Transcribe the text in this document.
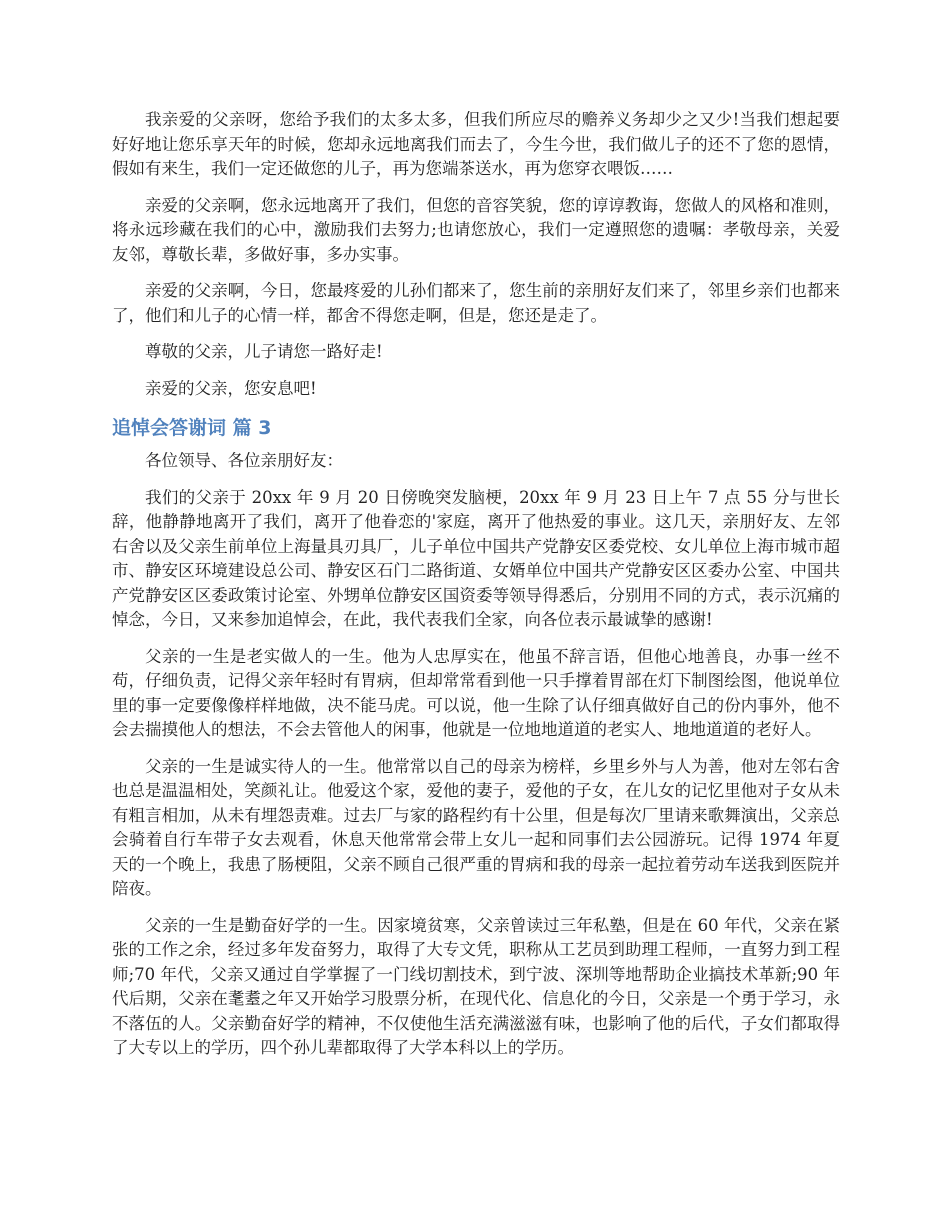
我亲爱的父亲呀，您给予我们的太多太多，但我们所应尽的赡养义务却少之又少!当我们想起要好好地让您乐享天年的时候，您却永远地离我们而去了，今生今世，我们做儿子的还不了您的恩情，假如有来生，我们一定还做您的儿子，再为您端茶送水，再为您穿衣喂饭……

亲爱的父亲啊，您永远地离开了我们，但您的音容笑貌，您的谆谆教诲，您做人的风格和准则，将永远珍藏在我们的心中，激励我们去努力;也请您放心，我们一定遵照您的遗嘱：孝敬母亲，关爱友邻，尊敬长辈，多做好事，多办实事。

亲爱的父亲啊，今日，您最疼爱的儿孙们都来了，您生前的亲朋好友们来了，邻里乡亲们也都来了，他们和儿子的心情一样，都舍不得您走啊，但是，您还是走了。

尊敬的父亲，儿子请您一路好走!

亲爱的父亲，您安息吧!

追悼会答谢词 篇 3

各位领导、各位亲朋好友：

我们的父亲于 20xx 年 9 月 20 日傍晚突发脑梗，20xx 年 9 月 23 日上午 7 点 55 分与世长辞，他静静地离开了我们，离开了他眷恋的'家庭，离开了他热爱的事业。这几天，亲朋好友、左邻右舍以及父亲生前单位上海量具刃具厂，儿子单位中国共产党静安区委党校、女儿单位上海市城市超市、静安区环境建设总公司、静安区石门二路街道、女婿单位中国共产党静安区区委办公室、中国共产党静安区区委政策讨论室、外甥单位静安区国资委等领导得悉后，分别用不同的方式，表示沉痛的悼念，今日，又来参加追悼会，在此，我代表我们全家，向各位表示最诚挚的感谢!

父亲的一生是老实做人的一生。他为人忠厚实在，他虽不辞言语，但他心地善良，办事一丝不苟，仔细负责，记得父亲年轻时有胃病，但却常常看到他一只手撑着胃部在灯下制图绘图，他说单位里的事一定要像像样样地做，决不能马虎。可以说，他一生除了认仔细真做好自己的份内事外，他不会去揣摸他人的想法，不会去管他人的闲事，他就是一位地地道道的老实人、地地道道的老好人。

父亲的一生是诚实待人的一生。他常常以自己的母亲为榜样，乡里乡外与人为善，他对左邻右舍也总是温温相处，笑颜礼让。他爱这个家，爱他的妻子，爱他的子女，在儿女的记忆里他对子女从未有粗言相加，从未有埋怨责难。过去厂与家的路程约有十公里，但是每次厂里请来歌舞演出，父亲总会骑着自行车带子女去观看，休息天他常常会带上女儿一起和同事们去公园游玩。记得 1974 年夏天的一个晚上，我患了肠梗阻，父亲不顾自己很严重的胃病和我的母亲一起拉着劳动车送我到医院并陪夜。

父亲的一生是勤奋好学的一生。因家境贫寒，父亲曾读过三年私塾，但是在 60 年代，父亲在紧张的工作之余，经过多年发奋努力，取得了大专文凭，职称从工艺员到助理工程师，一直努力到工程师;70 年代，父亲又通过自学掌握了一门线切割技术，到宁波、深圳等地帮助企业搞技术革新;90 年代后期，父亲在耄耋之年又开始学习股票分析，在现代化、信息化的今日，父亲是一个勇于学习，永不落伍的人。父亲勤奋好学的精神，不仅使他生活充满滋滋有味，也影响了他的后代，子女们都取得了大专以上的学历，四个孙儿辈都取得了大学本科以上的学历。
